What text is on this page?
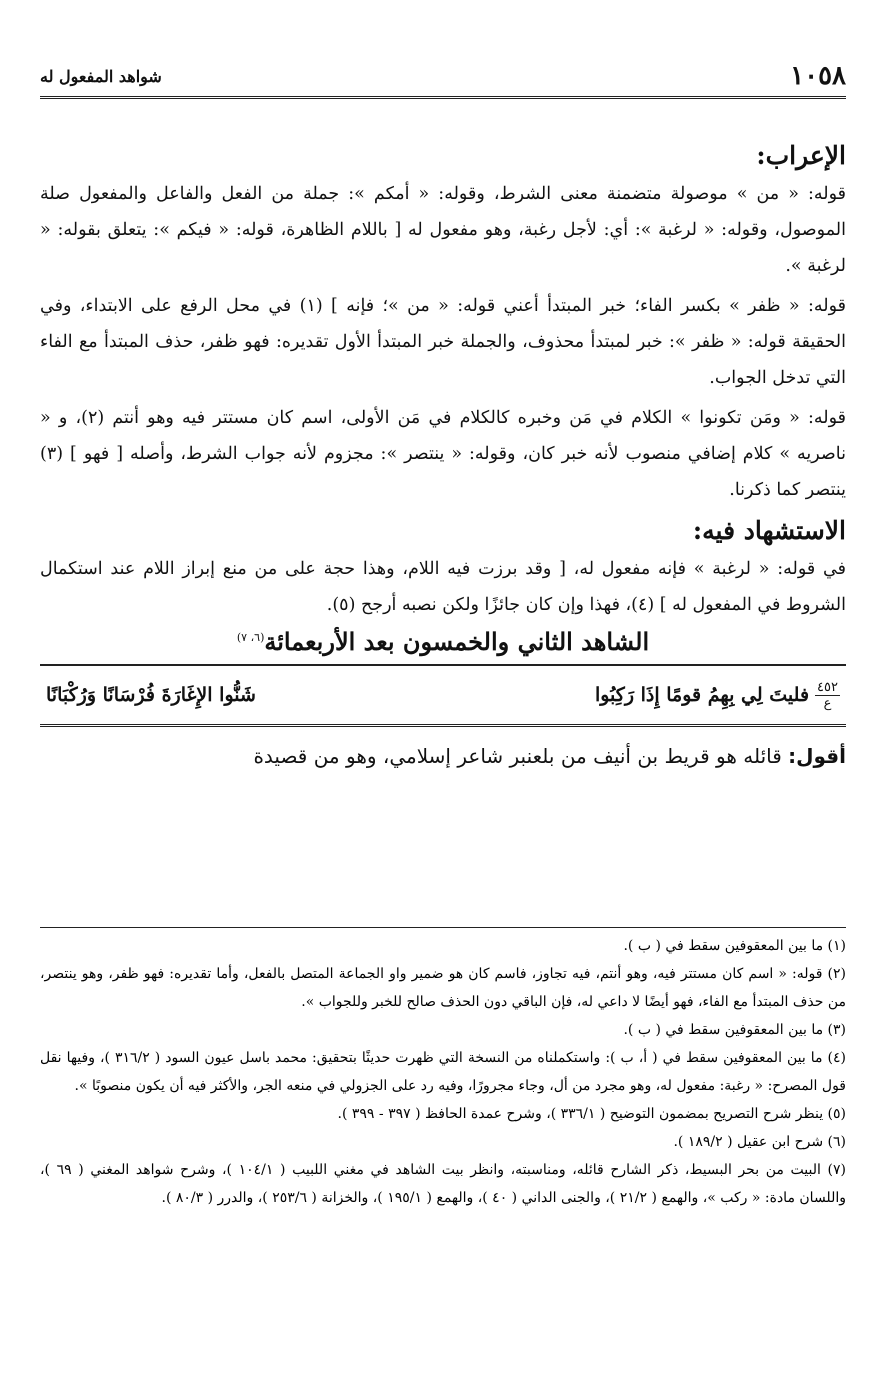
١٠٥٨
شواهد المفعول له
الإعراب:

قوله: « من » موصولة متضمنة معنى الشرط، وقوله: « أمكم »: جملة من الفعل والفاعل والمفعول صلة الموصول، وقوله: « لرغبة »: أي: لأجل رغبة، وهو مفعول له [ باللام الظاهرة، قوله: « فيكم »: يتعلق بقوله: « لرغبة ».

قوله: « ظفر » بكسر الفاء؛ خبر المبتدأ أعني قوله: « من »؛ فإنه ] (١) في محل الرفع على الابتداء، وفي الحقيقة قوله: « ظفر »: خبر لمبتدأ محذوف، والجملة خبر المبتدأ الأول تقديره: فهو ظفر، حذف المبتدأ مع الفاء التي تدخل الجواب.

قوله: « ومَن تكونوا » الكلام في مَن وخبره كالكلام في مَن الأولى، اسم كان مستتر فيه وهو أنتم (٢)، و « ناصريه » كلام إضافي منصوب لأنه خبر كان، وقوله: « ينتصر »: مجزوم لأنه جواب الشرط، وأصله [ فهو ] (٣) ينتصر كما ذكرنا.

الاستشهاد فيه:

في قوله: « لرغبة » فإنه مفعول له، [ وقد برزت فيه اللام، وهذا حجة على من منع إبراز اللام عند استكمال الشروط في المفعول له ] (٤)، فهذا وإن كان جائزًا ولكن نصبه أرجح (٥).

الشاهد الثاني والخمسون بعد الأربعمائة$^{(٦، ٧)}$
٤٥٢
ع
فليتَ لِي بِهِمُ قومًا إِذَا رَكِبُوا
شَنُّوا الإِغَارَةَ فُرْسَانًا وَرُكْبَانًا

أقول: قائله هو قريط بن أنيف من بلعنبر شاعر إسلامي، وهو من قصيدة

(١) ما بين المعقوفين سقط في ( ب ).

(٢) قوله: « اسم كان مستتر فيه، وهو أنتم، فيه تجاوز، فاسم كان هو ضمير واو الجماعة المتصل بالفعل، وأما تقديره: فهو ظفر، وهو ينتصر، من حذف المبتدأ مع الفاء، فهو أيضًا لا داعي له، فإن الباقي دون الحذف صالح للخبر وللجواب ».

(٣) ما بين المعقوفين سقط في ( ب ).

(٤) ما بين المعقوفين سقط في ( أ، ب ): واستكملناه من النسخة التي ظهرت حديثًا بتحقيق: محمد باسل عيون السود ( ٣١٦/٢ )، وفيها نقل قول المصرح: « رغبة: مفعول له، وهو مجرد من أل، وجاء مجرورًا، وفيه رد على الجزولي في منعه الجر، والأكثر فيه أن يكون منصوبًا ».

(٥) ينظر شرح التصريح بمضمون التوضيح ( ٣٣٦/١ )، وشرح عمدة الحافظ ( ٣٩٧ - ٣٩٩ ).

(٦) شرح ابن عقيل ( ١٨٩/٢ ).

(٧) البيت من بحر البسيط، ذكر الشارح قائله، ومناسبته، وانظر بيت الشاهد في مغني اللبيب ( ١٠٤/١ )، وشرح شواهد المغني ( ٦٩ )، واللسان مادة: « ركب »، والهمع ( ٢١/٢ )، والجنى الداني ( ٤٠ )، والهمع ( ١٩٥/١ )، والخزانة ( ٢٥٣/٦ )، والدرر ( ٨٠/٣ ).
